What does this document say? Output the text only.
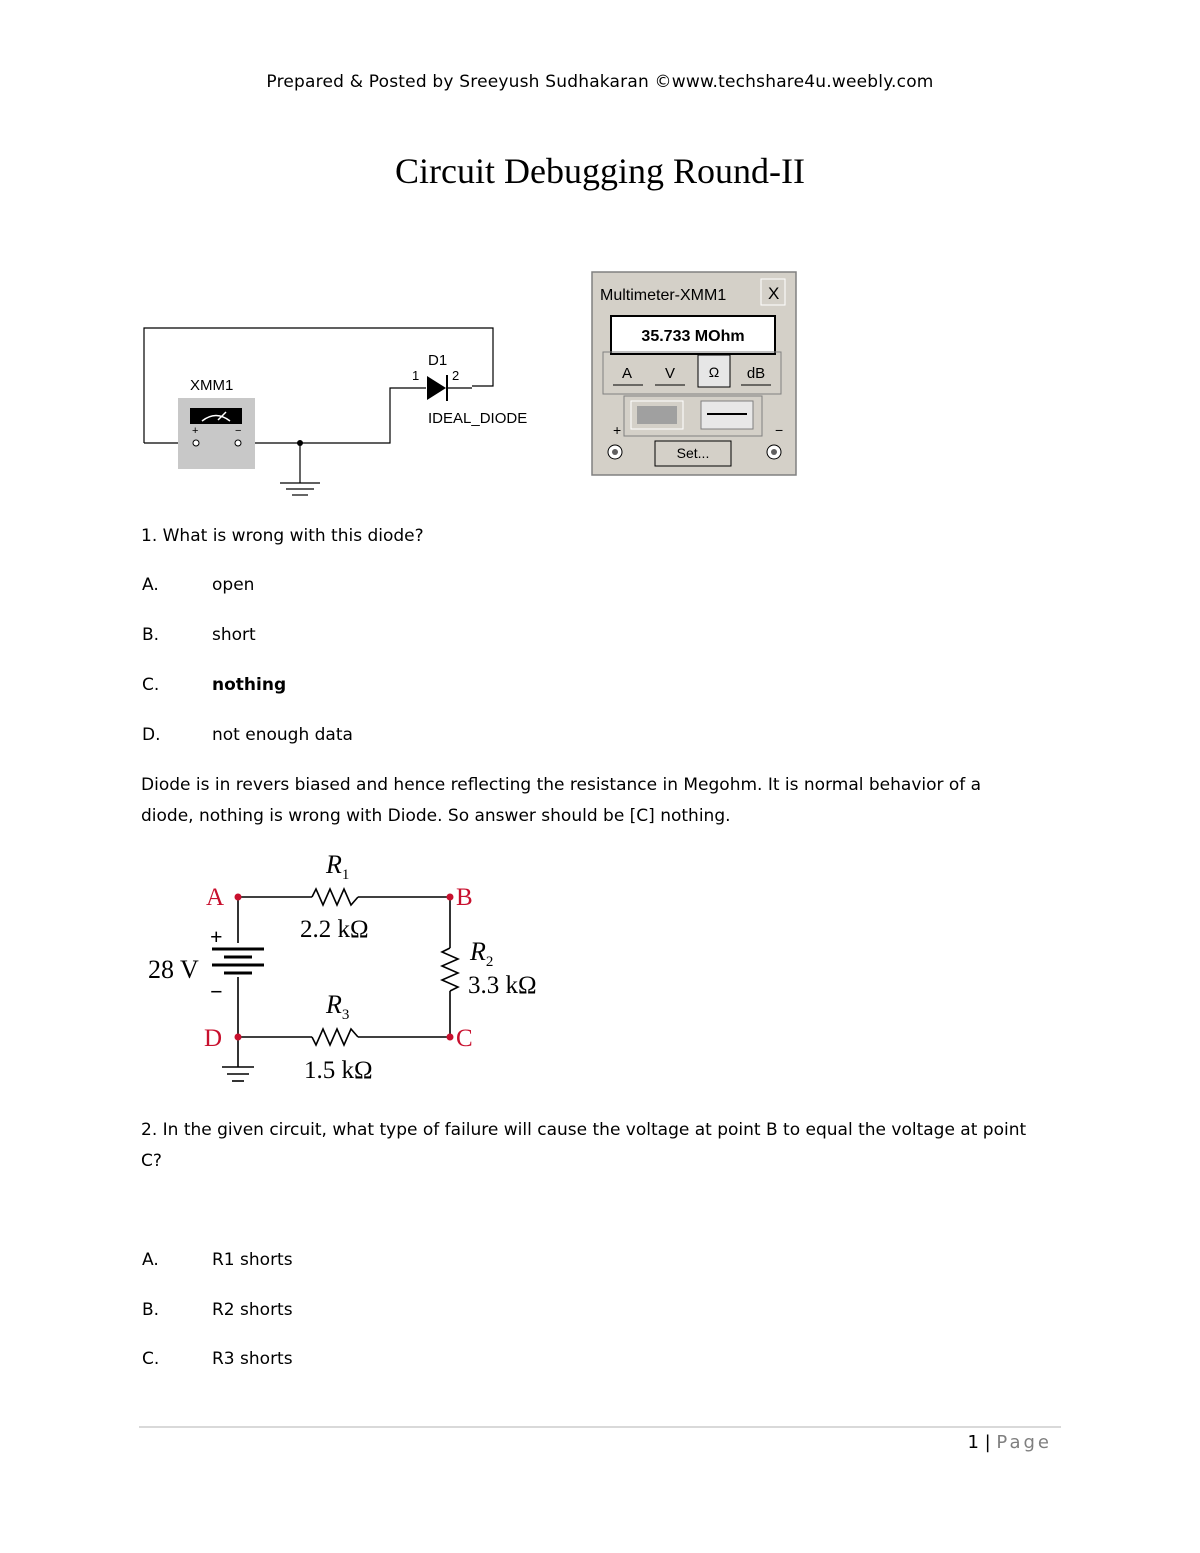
Prepared & Posted by Sreeyush Sudhakaran ©www.techshare4u.weebly.com
Circuit Debugging Round-II
+	−
XMM1
D1
1	2
IDEAL_DIODE
Multimeter-XMM1 X
35.733 MOhm
A V Ω dB
+	−
Set...
1. What is wrong with this diode?
A.	open
B.	short
C.	nothing
D.	not enough data
Diode is in revers biased and hence reflecting the resistance in Megohm. It is normal behavior of a
diode, nothing is wrong with Diode. So answer should be [C] nothing.
+
−
28 V
A	B
C
D
$R_1$
2.2 kΩ
$R_2$
3.3 kΩ
$R_3$
1.5 kΩ
2. In the given circuit, what type of failure will cause the voltage at point B to equal the voltage at point
C?
A.	R1 shorts
B.	R2 shorts
C.	R3 shorts
1 | Page
